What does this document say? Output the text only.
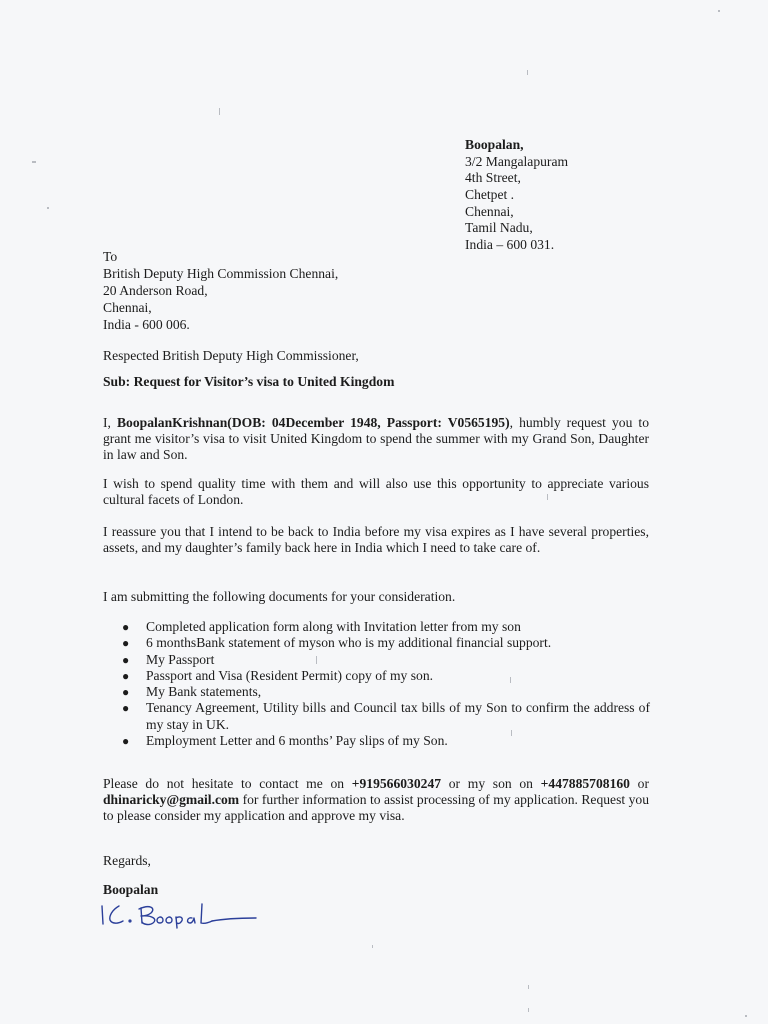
Boopalan,
3/2 Mangalapuram
4th Street,
Chetpet .
Chennai,
Tamil Nadu,
India – 600 031.
To
British Deputy High Commission Chennai,
20 Anderson Road,
Chennai,
India - 600 006.
Respected British Deputy High Commissioner,
Sub: Request for Visitor’s visa to United Kingdom
I, BoopalanKrishnan(DOB: 04December 1948, Passport: V0565195), humbly request you to grant me visitor’s visa to visit United Kingdom to spend the summer with my Grand Son, Daughter in law and Son.
I wish to spend quality time with them and will also use this opportunity to appreciate various cultural facets of London.
I reassure you that I intend to be back to India before my visa expires as I have several properties, assets, and my daughter’s family back here in India which I need to take care of.
I am submitting the following documents for your consideration.
● Completed application form along with Invitation letter from my son
● 6 monthsBank statement of myson who is my additional financial support.
● My Passport
● Passport and Visa (Resident Permit) copy of my son.
● My Bank statements,
● Tenancy Agreement, Utility bills and Council tax bills of my Son to confirm the address of my stay in UK.
● Employment Letter and 6 months’ Pay slips of my Son.
Please do not hesitate to contact me on +919566030247 or my son on +447885708160 or dhinaricky@gmail.com for further information to assist processing of my application. Request you to please consider my application and approve my visa.
Regards,
Boopalan
